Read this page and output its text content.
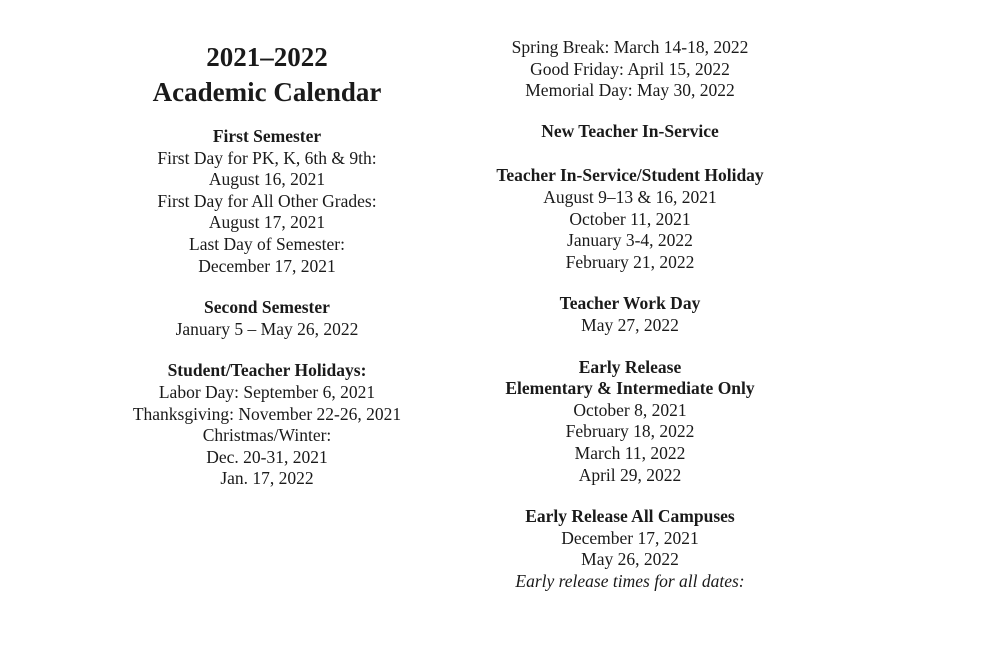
2021–2022
Academic Calendar
First Semester
First Day for PK, K, 6th & 9th:
August 16, 2021
First Day for All Other Grades:
August 17, 2021
Last Day of Semester:
December 17, 2021
Second Semester
January 5 – May 26, 2022
Student/Teacher Holidays:
Labor Day: September 6, 2021
Thanksgiving: November 22-26, 2021
Christmas/Winter:
Dec. 20-31, 2021
Jan. 17, 2022
Spring Break: March 14-18, 2022
Good Friday: April 15, 2022
Memorial Day: May 30, 2022
New Teacher In-Service
Teacher In-Service/Student Holiday
August 9–13 & 16, 2021
October 11, 2021
January 3-4, 2022
February 21, 2022
Teacher Work Day
May 27, 2022
Early Release
Elementary & Intermediate Only
October 8, 2021
February 18, 2022
March 11, 2022
April 29, 2022
Early Release All Campuses
December 17, 2021
May 26, 2022
Early release times for all dates:
